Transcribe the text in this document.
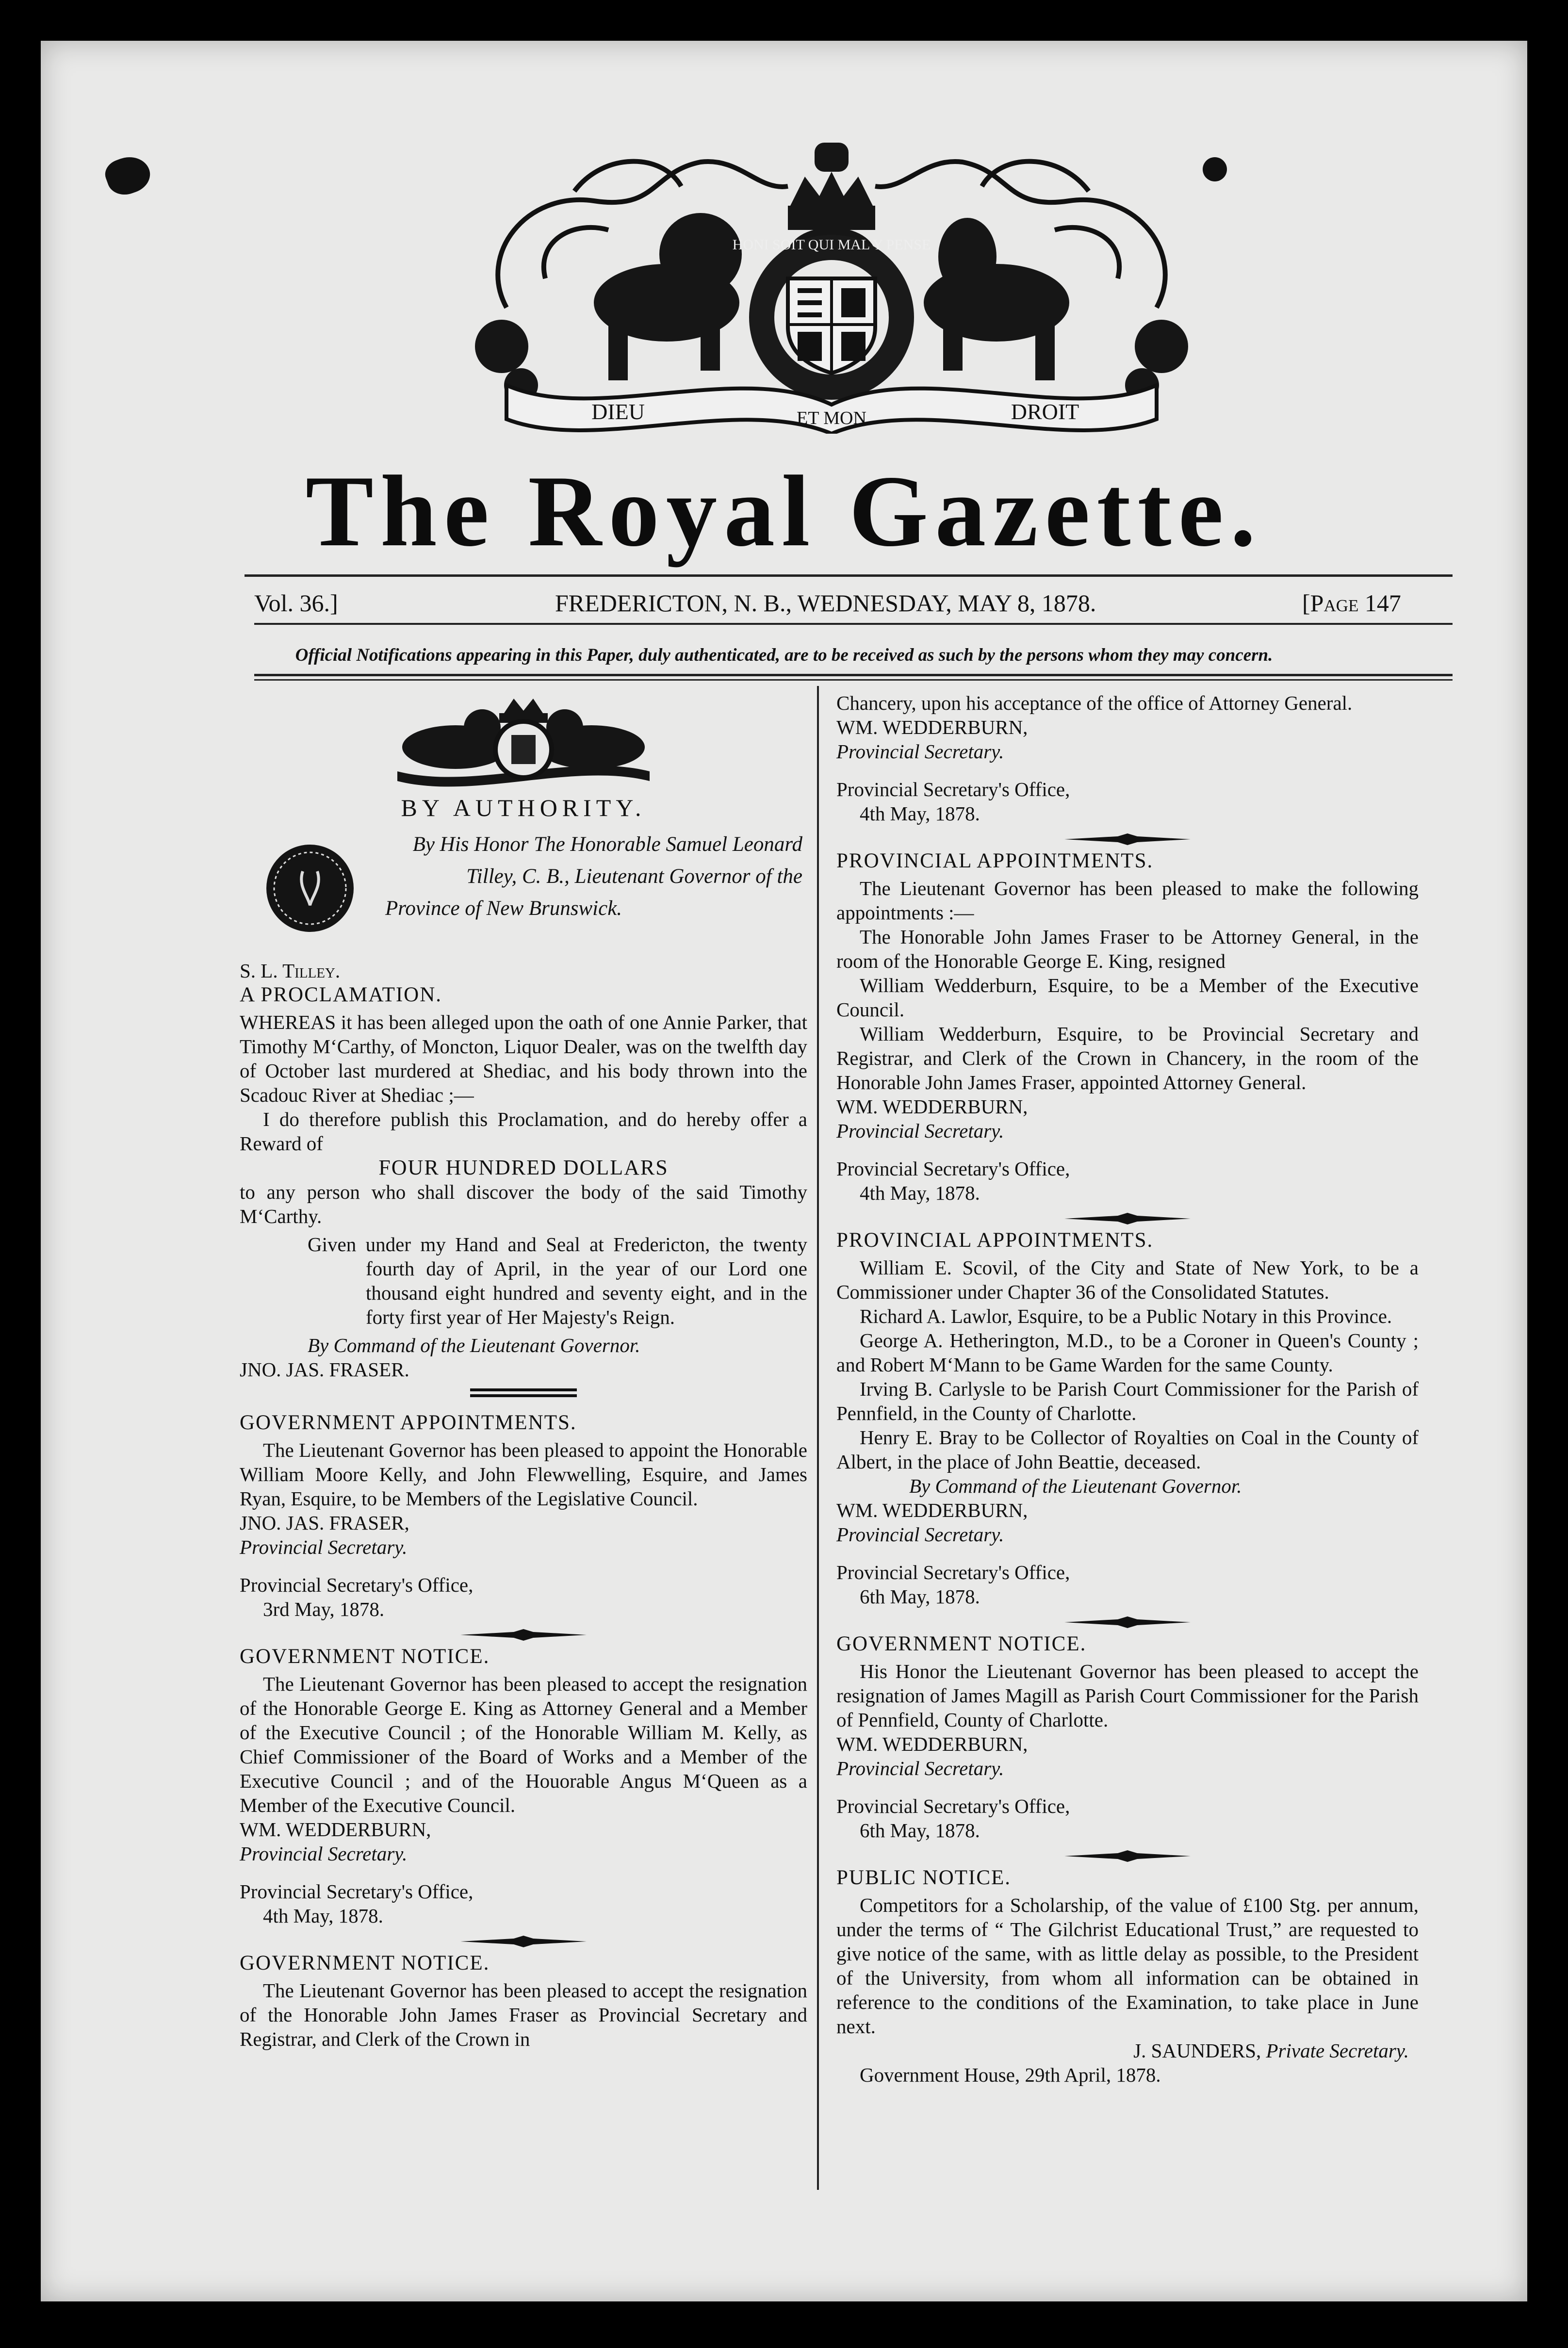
HONI SOIT QUI MAL Y PENSE
DIEU	ET MON	DROIT
The Royal Gazette.
Vol. 36.]	FREDERICTON, N. B., WEDNESDAY, MAY 8, 1878.	[Page 147
Official Notifications appearing in this Paper, duly authenticated, are to be received as such by the persons whom they may concern.

BY AUTHORITY.

By His Honor The Honorable Samuel Leonard

Tilley, C. B., Lieutenant Governor of the

Province of New Brunswick.

S. L. Tilley.

A PROCLAMATION.

WHEREAS it has been alleged upon the oath of one Annie Parker, that Timothy M‘Carthy, of Moncton, Liquor Dealer, was on the twelfth day of October last murdered at Shediac, and his body thrown into the Scadouc River at Shediac ;—

I do therefore publish this Proclamation, and do hereby offer a Reward of

FOUR HUNDRED DOLLARS

to any person who shall discover the body of the said Timothy M‘Carthy.

Given under my Hand and Seal at Fredericton, the twenty fourth day of April, in the year of our Lord one thousand eight hundred and seventy eight, and in the forty first year of Her Majesty's Reign.

By Command of the Lieutenant Governor.

JNO. JAS. FRASER.

GOVERNMENT APPOINTMENTS.

The Lieutenant Governor has been pleased to appoint the Honorable William Moore Kelly, and John Flewwelling, Esquire, and James Ryan, Esquire, to be Members of the Legislative Council.

JNO. JAS. FRASER,

Provincial Secretary.

Provincial Secretary's Office,

3rd May, 1878.

GOVERNMENT NOTICE.

The Lieutenant Governor has been pleased to accept the resignation of the Honorable George E. King as Attorney General and a Member of the Executive Council ; of the Honorable William M. Kelly, as Chief Commissioner of the Board of Works and a Member of the Executive Council ; and of the Houorable Angus M‘Queen as a Member of the Executive Council.

WM. WEDDERBURN,

Provincial Secretary.

Provincial Secretary's Office,

4th May, 1878.

GOVERNMENT NOTICE.

The Lieutenant Governor has been pleased to accept the resignation of the Honorable John James Fraser as Provincial Secretary and Registrar, and Clerk of the Crown in

Chancery, upon his acceptance of the office of Attorney General.

WM. WEDDERBURN,

Provincial Secretary.

Provincial Secretary's Office,

4th May, 1878.

PROVINCIAL APPOINTMENTS.

The Lieutenant Governor has been pleased to make the following appointments :—

The Honorable John James Fraser to be Attorney General, in the room of the Honorable George E. King, resigned

William Wedderburn, Esquire, to be a Member of the Executive Council.

William Wedderburn, Esquire, to be Provincial Secretary and Registrar, and Clerk of the Crown in Chancery, in the room of the Honorable John James Fraser, appointed Attorney General.

WM. WEDDERBURN,

Provincial Secretary.

Provincial Secretary's Office,

4th May, 1878.

PROVINCIAL APPOINTMENTS.

William E. Scovil, of the City and State of New York, to be a Commissioner under Chapter 36 of the Consolidated Statutes.

Richard A. Lawlor, Esquire, to be a Public Notary in this Province.

George A. Hetherington, M.D., to be a Coroner in Queen's County ; and Robert M‘Mann to be Game Warden for the same County.

Irving B. Carlysle to be Parish Court Commissioner for the Parish of Pennfield, in the County of Charlotte.

Henry E. Bray to be Collector of Royalties on Coal in the County of Albert, in the place of John Beattie, deceased.

By Command of the Lieutenant Governor.

WM. WEDDERBURN,

Provincial Secretary.

Provincial Secretary's Office,

6th May, 1878.

GOVERNMENT NOTICE.

His Honor the Lieutenant Governor has been pleased to accept the resignation of James Magill as Parish Court Commissioner for the Parish of Pennfield, County of Charlotte.

WM. WEDDERBURN,

Provincial Secretary.

Provincial Secretary's Office,

6th May, 1878.

PUBLIC NOTICE.

Competitors for a Scholarship, of the value of £100 Stg. per annum, under the terms of “ The Gilchrist Educational Trust,” are requested to give notice of the same, with as little delay as possible, to the President of the University, from whom all information can be obtained in reference to the conditions of the Examination, to take place in June next.

J. SAUNDERS, Private Secretary.

Government House, 29th April, 1878.
